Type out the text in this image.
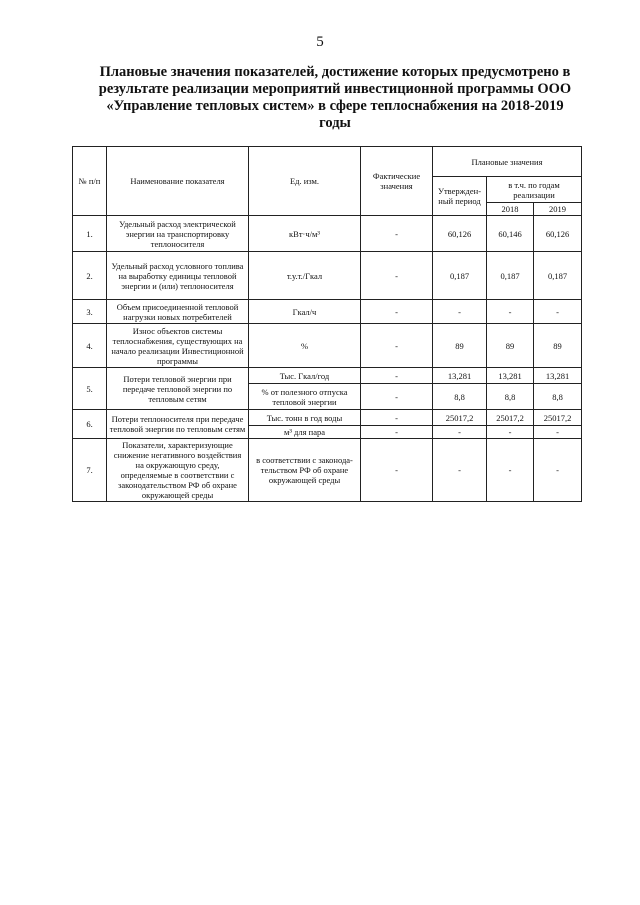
5
Плановые значения показателей, достижение которых предусмотрено в результате реализации мероприятий инвестиционной программы ООО «Управление тепловых систем» в сфере теплоснабжения на 2018-2019 годы
№ п/п	Наименование показателя	Ед. изм.	Фактические значения	Плановые значения		
				Утвержден-ный период	в т.ч. по годам реализации	
					2018	2019
1.	Удельный расход электрической энергии на транспортировку теплоносителя	кВт·ч/м³	-	60,126	60,146	60,126
2.	Удельный расход условного топлива на выработку единицы тепловой энергии и (или) теплоносителя	т.у.т./Гкал	-	0,187	0,187	0,187
3.	Объем присоединенной тепловой нагрузки новых потребителей	Гкал/ч	-	-	-	-
4.	Износ объектов системы теплоснабжения, существующих на начало реализации Инвестиционной программы	%	-	89	89	89
5.	Потери тепловой энергии при передаче тепловой энергии по тепловым сетям	Тыс. Гкал/год	-	13,281	13,281	13,281
		% от полезного отпуска тепловой энергии	-	8,8	8,8	8,8
6.	Потери теплоносителя при передаче тепловой энергии по тепловым сетям	Тыс. тонн в год воды	-	25017,2	25017,2	25017,2
		м³ для пара	-	-	-	-
7.	Показатели, характеризующие снижение негативного воздействия на окружающую среду, определяемые в соответствии с законодательством РФ об охране окружающей среды	в соответствии с законода-тельством РФ об охране окружающей среды	-	-	-	-
